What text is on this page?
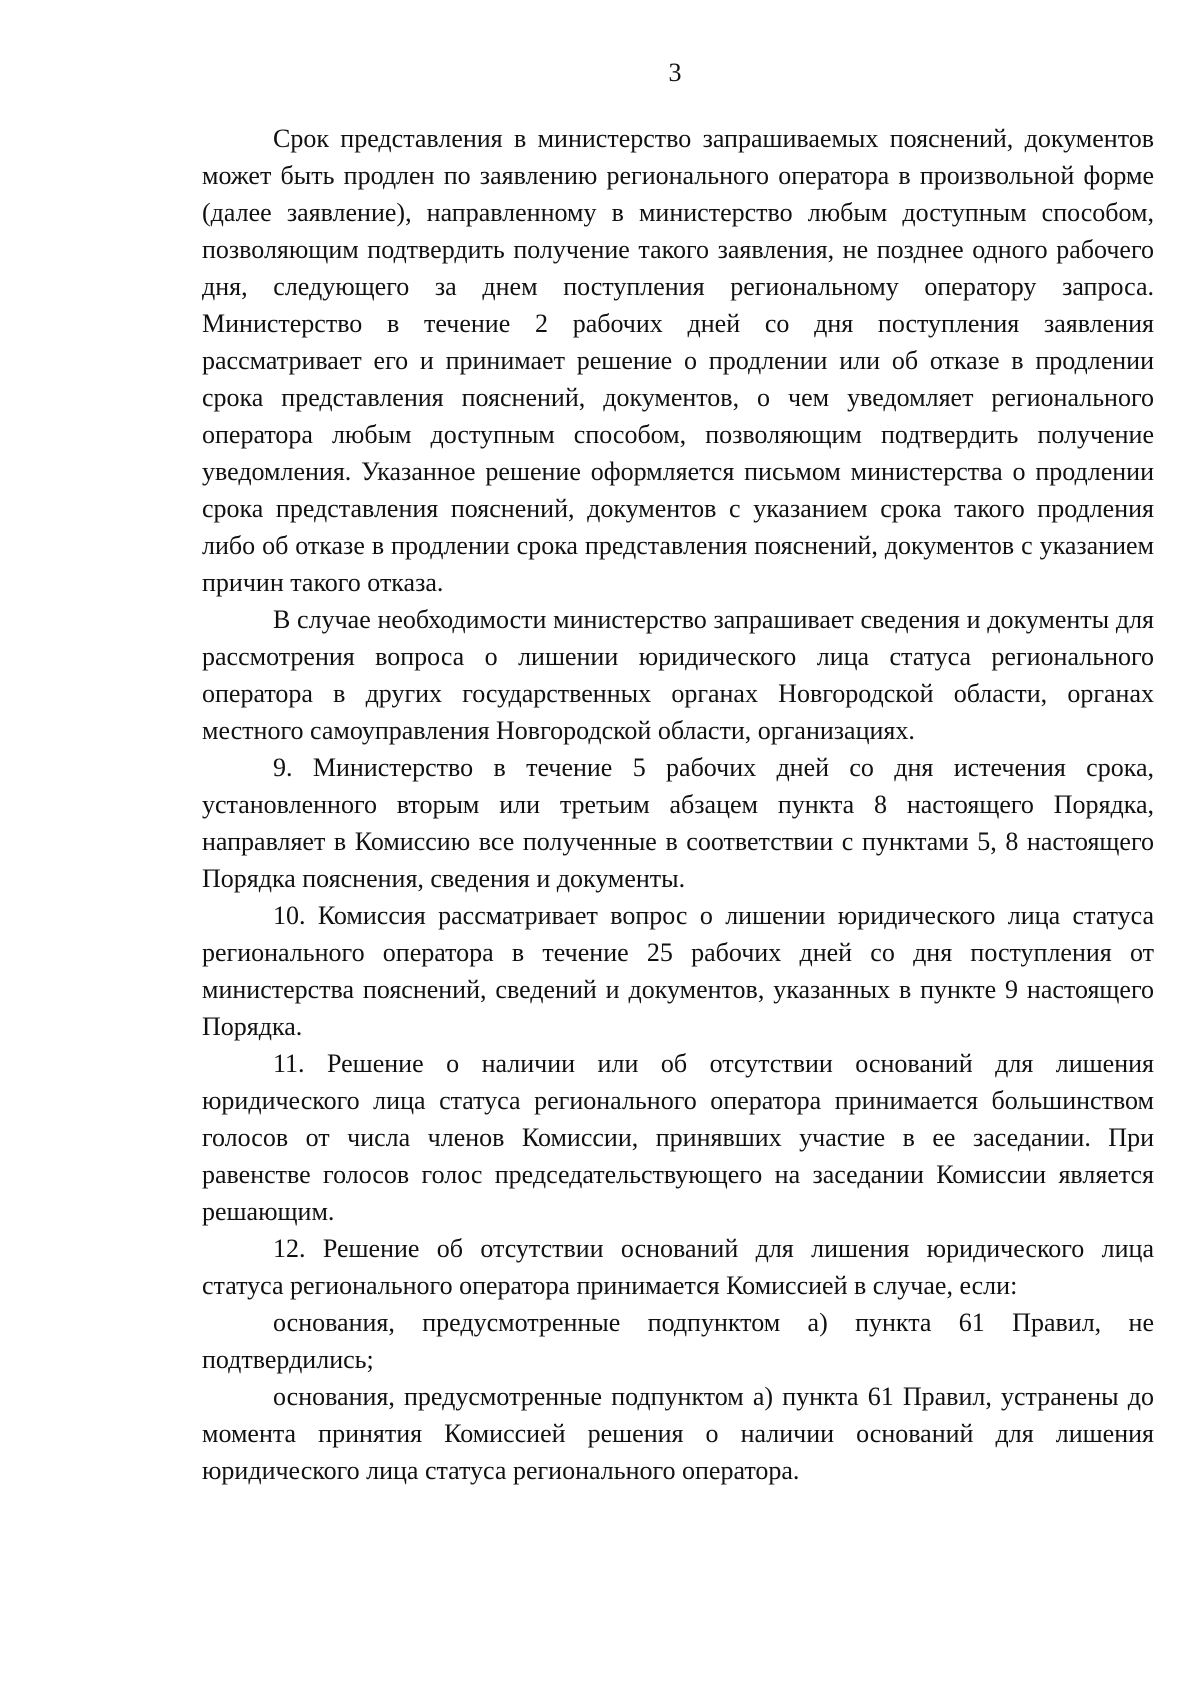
3

Срок представления в министерство запрашиваемых пояснений, документов может быть продлен по заявлению регионального оператора в произвольной форме (далее заявление), направленному в министерство любым доступным способом, позволяющим подтвердить получение такого заявления, не позднее одного рабочего дня, следующего за днем поступления региональному оператору запроса. Министерство в течение 2 рабочих дней со дня поступления заявления рассматривает его и принимает решение о продлении или об отказе в продлении срока представления пояснений, документов, о чем уведомляет регионального оператора любым доступным способом, позволяющим подтвердить получение уведомления. Указанное решение оформляется письмом министерства о продлении срока представления пояснений, документов с указанием срока такого продления либо об отказе в продлении срока представления пояснений, документов с указанием причин такого отказа.

В случае необходимости министерство запрашивает сведения и документы для рассмотрения вопроса о лишении юридического лица статуса регионального оператора в других государственных органах Новгородской области, органах местного самоуправления Новгородской области, организациях.

9. Министерство в течение 5 рабочих дней со дня истечения срока, установленного вторым или третьим абзацем пункта 8 настоящего Порядка, направляет в Комиссию все полученные в соответствии с пунктами 5, 8 настоящего Порядка пояснения, сведения и документы.

10. Комиссия рассматривает вопрос о лишении юридического лица статуса регионального оператора в течение 25 рабочих дней со дня поступления от министерства пояснений, сведений и документов, указанных в пункте 9 настоящего Порядка.

11. Решение о наличии или об отсутствии оснований для лишения юридического лица статуса регионального оператора принимается большинством голосов от числа членов Комиссии, принявших участие в ее заседании. При равенстве голосов голос председательствующего на заседании Комиссии является решающим.

12. Решение об отсутствии оснований для лишения юридического лица статуса регионального оператора принимается Комиссией в случае, если:

основания, предусмотренные подпунктом а) пункта 61 Правил, не подтвердились;

основания, предусмотренные подпунктом а) пункта 61 Правил, устранены до момента принятия Комиссией решения о наличии оснований для лишения юридического лица статуса регионального оператора.
